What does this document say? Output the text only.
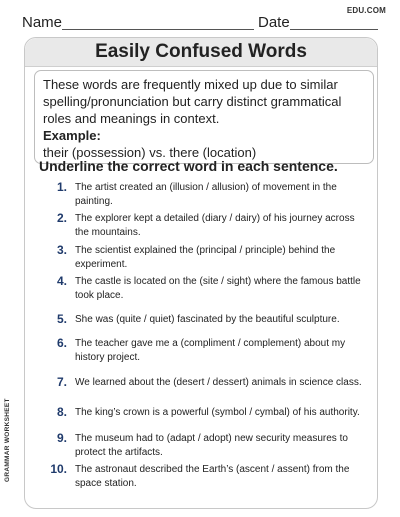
EDU.COM
Name	Date
Easily Confused Words
These words are frequently mixed up due to similar spelling/pronunciation but carry distinct grammatical roles and meanings in context.
Example:
their (possession) vs. there (location)
Underline the correct word in each sentence.
1. The artist created an (illusion / allusion) of movement in the painting.
2. The explorer kept a detailed (diary / dairy) of his journey across the mountains.
3. The scientist explained the (principal / principle) behind the experiment.
4. The castle is located on the (site / sight) where the famous battle took place.
5. She was (quite / quiet) fascinated by the beautiful sculpture.
6. The teacher gave me a (compliment / complement) about my history project.
7. We learned about the (desert / dessert) animals in science class.
8. The king’s crown is a powerful (symbol / cymbal) of his authority.
9. The museum had to (adapt / adopt) new security measures to protect the artifacts.
10. The astronaut described the Earth’s (ascent / assent) from the space station.
GRAMMAR WORKSHEET
